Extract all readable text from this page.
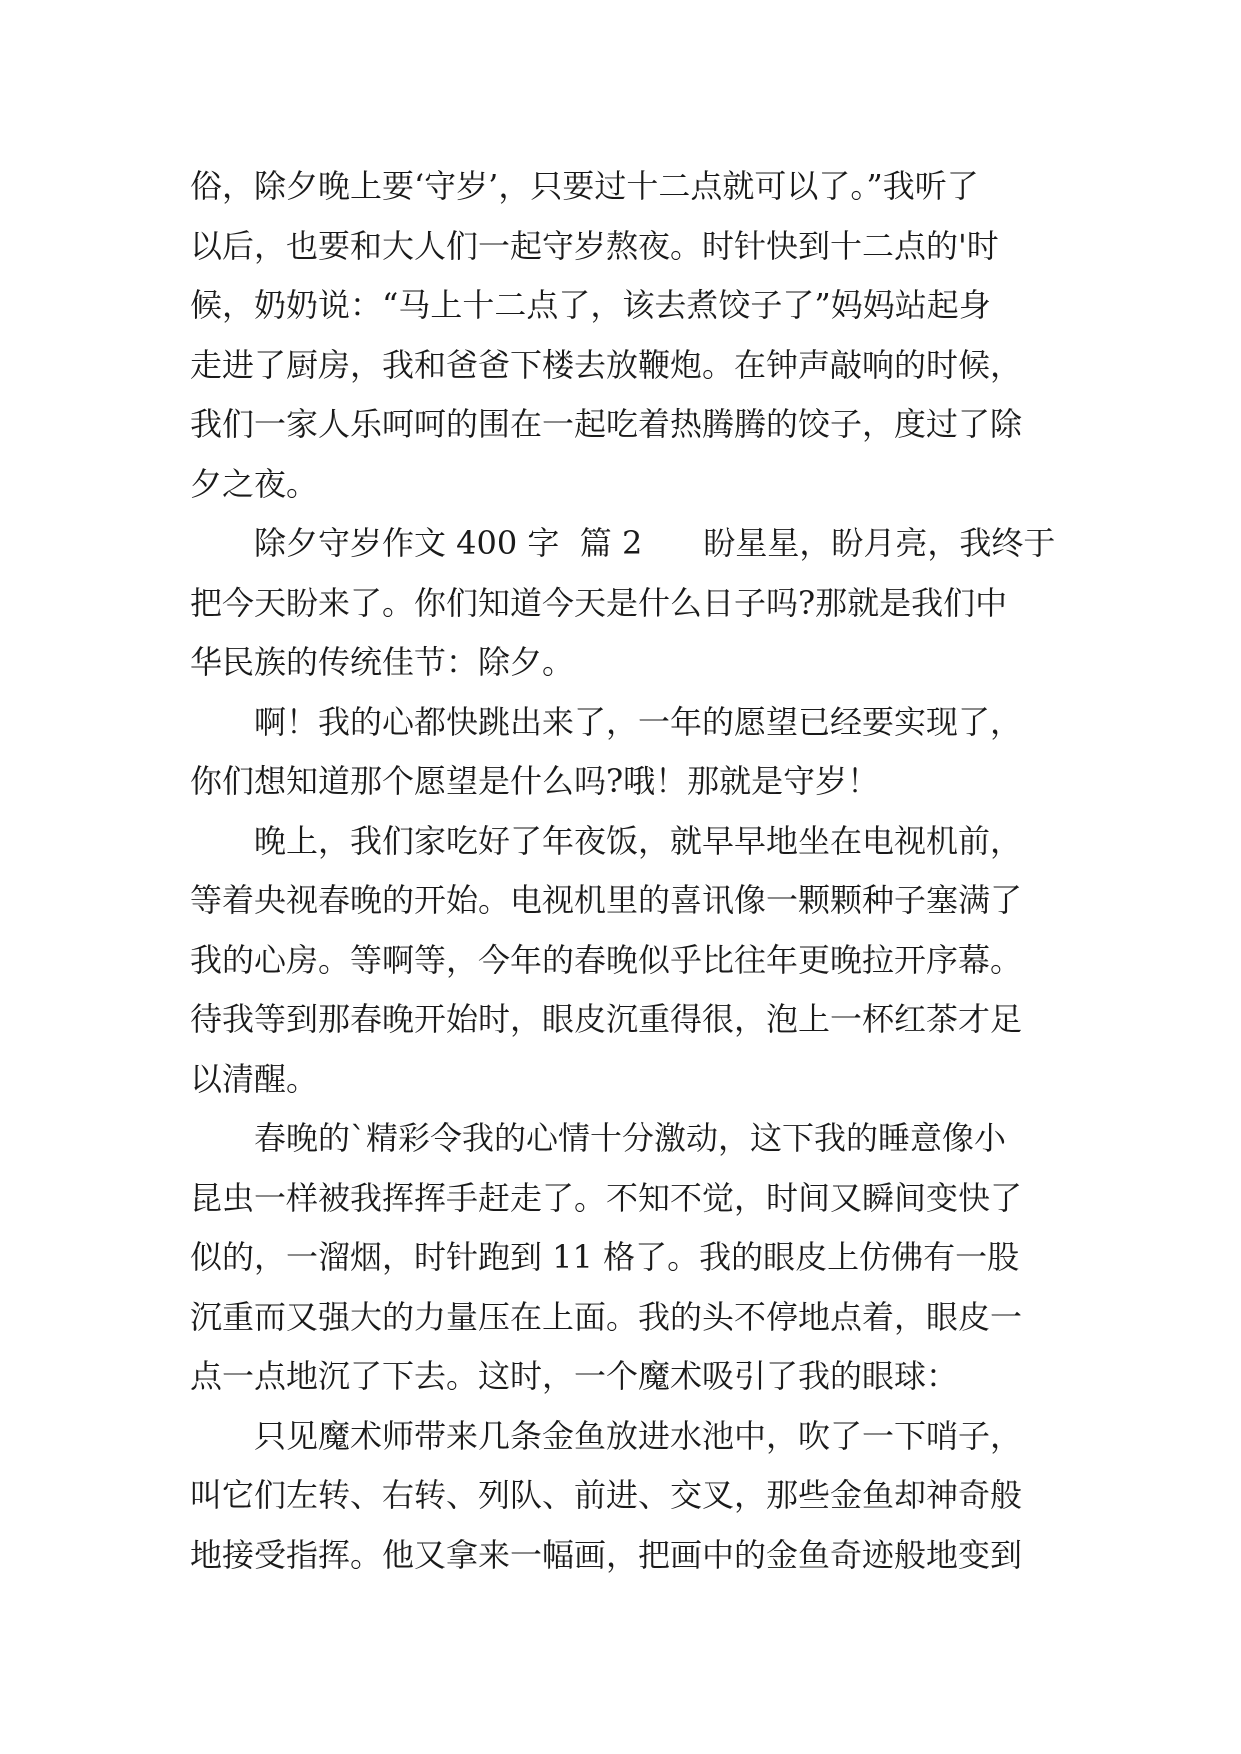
俗，除夕晚上要‘守岁’，只要过十二点就可以了。”我听了
以后，也要和大人们一起守岁熬夜。时针快到十二点的'时
候，奶奶说：“马上十二点了，该去煮饺子了”妈妈站起身
走进了厨房，我和爸爸下楼去放鞭炮。在钟声敲响的时候，
我们一家人乐呵呵的围在一起吃着热腾腾的饺子，度过了除
夕之夜。
除夕守岁作文 400 字  篇 2      盼星星，盼月亮，我终于
把今天盼来了。你们知道今天是什么日子吗?那就是我们中
华民族的传统佳节：除夕。
啊！我的心都快跳出来了，一年的愿望已经要实现了，
你们想知道那个愿望是什么吗?哦！那就是守岁！
晚上，我们家吃好了年夜饭，就早早地坐在电视机前，
等着央视春晚的开始。电视机里的喜讯像一颗颗种子塞满了
我的心房。等啊等，今年的春晚似乎比往年更晚拉开序幕。
待我等到那春晚开始时，眼皮沉重得很，泡上一杯红茶才足
以清醒。
春晚的`精彩令我的心情十分激动，这下我的睡意像小
昆虫一样被我挥挥手赶走了。不知不觉，时间又瞬间变快了
似的，一溜烟，时针跑到 11 格了。我的眼皮上仿佛有一股
沉重而又强大的力量压在上面。我的头不停地点着，眼皮一
点一点地沉了下去。这时，一个魔术吸引了我的眼球：
只见魔术师带来几条金鱼放进水池中，吹了一下哨子，
叫它们左转、右转、列队、前进、交叉，那些金鱼却神奇般
地接受指挥。他又拿来一幅画，把画中的金鱼奇迹般地变到
